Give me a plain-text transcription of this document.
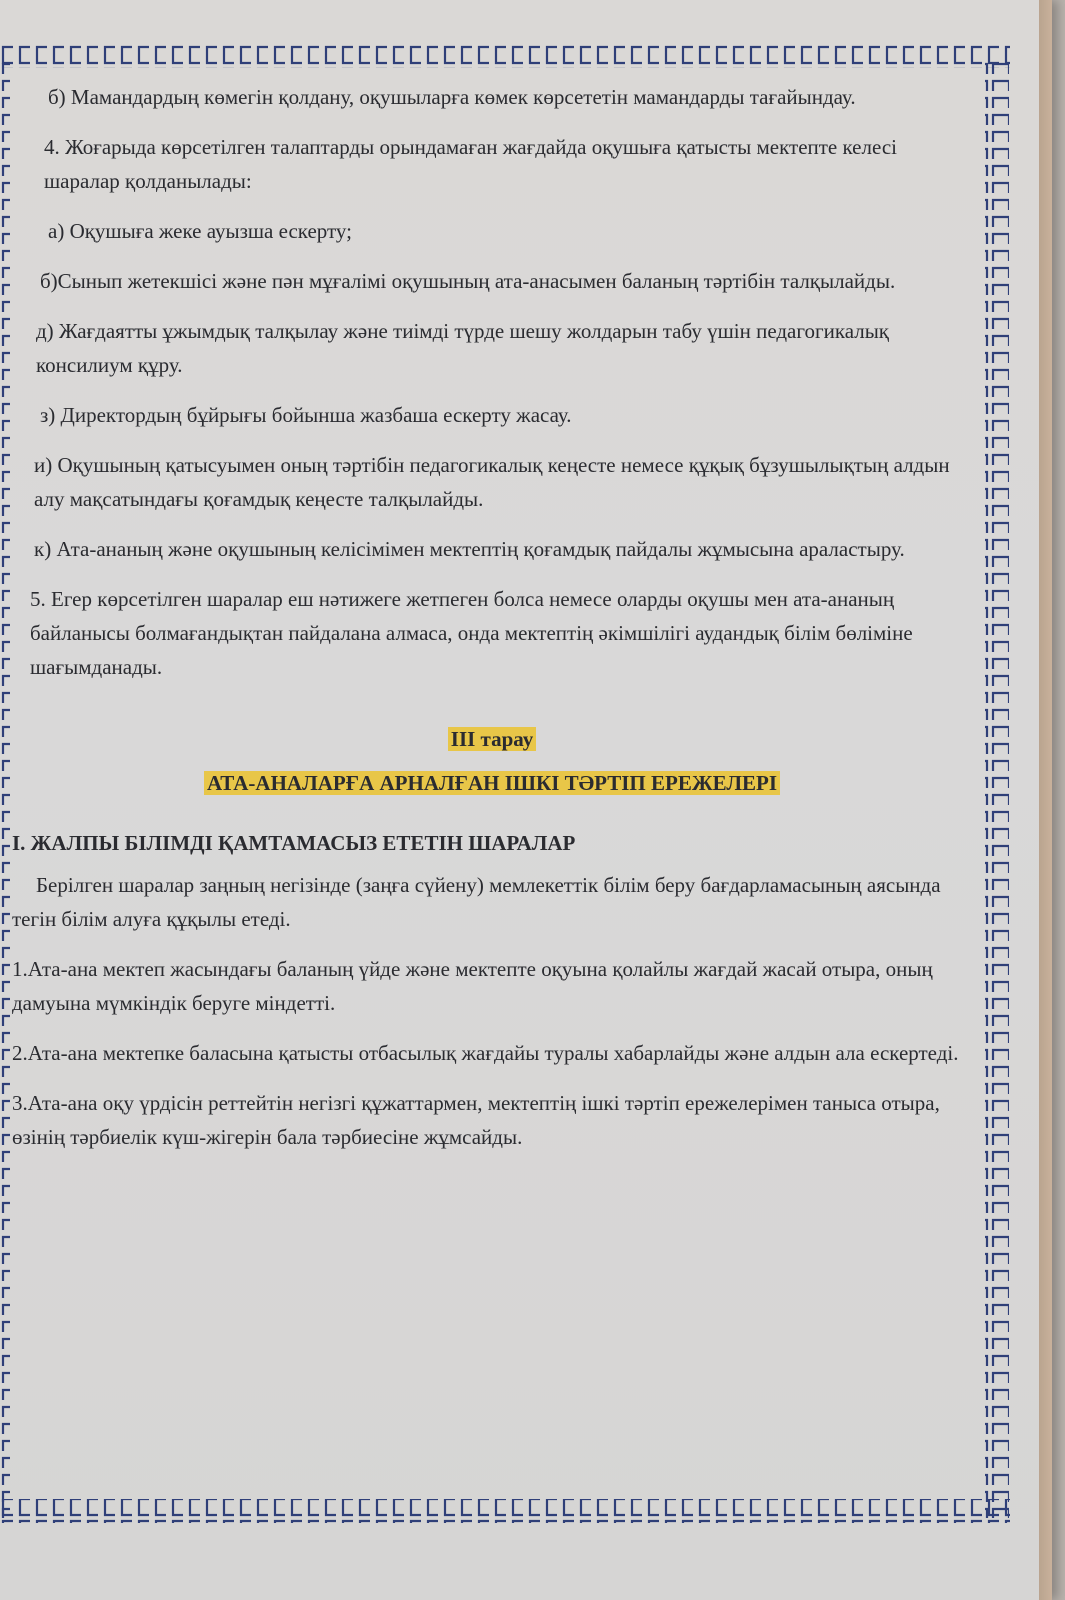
б) Мамандардың көмегін қолдану, оқушыларға көмек көрсететін мамандарды тағайындау.

4. Жоғарыда көрсетілген талаптарды орындамаған жағдайда оқушыға қатысты мектепте келесі шаралар қолданылады:

а) Оқушыға жеке ауызша ескерту;

б)Сынып жетекшісі және пән мұғалімі оқушының ата-анасымен баланың тәртібін талқылайды.

д) Жағдаятты ұжымдық талқылау және тиімді түрде шешу жолдарын табу үшін педагогикалық консилиум құру.

з) Директордың бұйрығы бойынша жазбаша ескерту жасау.

и) Оқушының қатысуымен оның тәртібін педагогикалық кеңесте немесе құқық бұзушылықтың алдын алу мақсатындағы қоғамдық кеңесте талқылайды.

к) Ата-ананың және оқушының келісімімен мектептің қоғамдық пайдалы жұмысына араластыру.

5. Егер көрсетілген шаралар еш нәтижеге жетпеген болса немесе оларды оқушы мен ата-ананың байланысы болмағандықтан пайдалана алмаса, онда мектептің әкімшілігі аудандық білім бөліміне шағымданады.

III тарау

АТА-АНАЛАРҒА АРНАЛҒАН ІШКІ ТӘРТІП ЕРЕЖЕЛЕРІ

I. ЖАЛПЫ БІЛІМДІ ҚАМТАМАСЫЗ ЕТЕТІН ШАРАЛАР

Берілген шаралар заңның негізінде (заңға сүйену) мемлекеттік білім беру бағдарламасының аясында тегін білім алуға құқылы етеді.

1.Ата-ана мектеп жасындағы баланың үйде және мектепте оқуына қолайлы жағдай жасай отыра, оның дамуына мүмкіндік беруге міндетті.

2.Ата-ана мектепке баласына қатысты отбасылық жағдайы туралы хабарлайды және алдын ала ескертеді.

3.Ата-ана оқу үрдісін реттейтін негізгі құжаттармен, мектептің ішкі тәртіп ережелерімен таныса отыра, өзінің тәрбиелік күш-жігерін бала тәрбиесіне жұмсайды.
